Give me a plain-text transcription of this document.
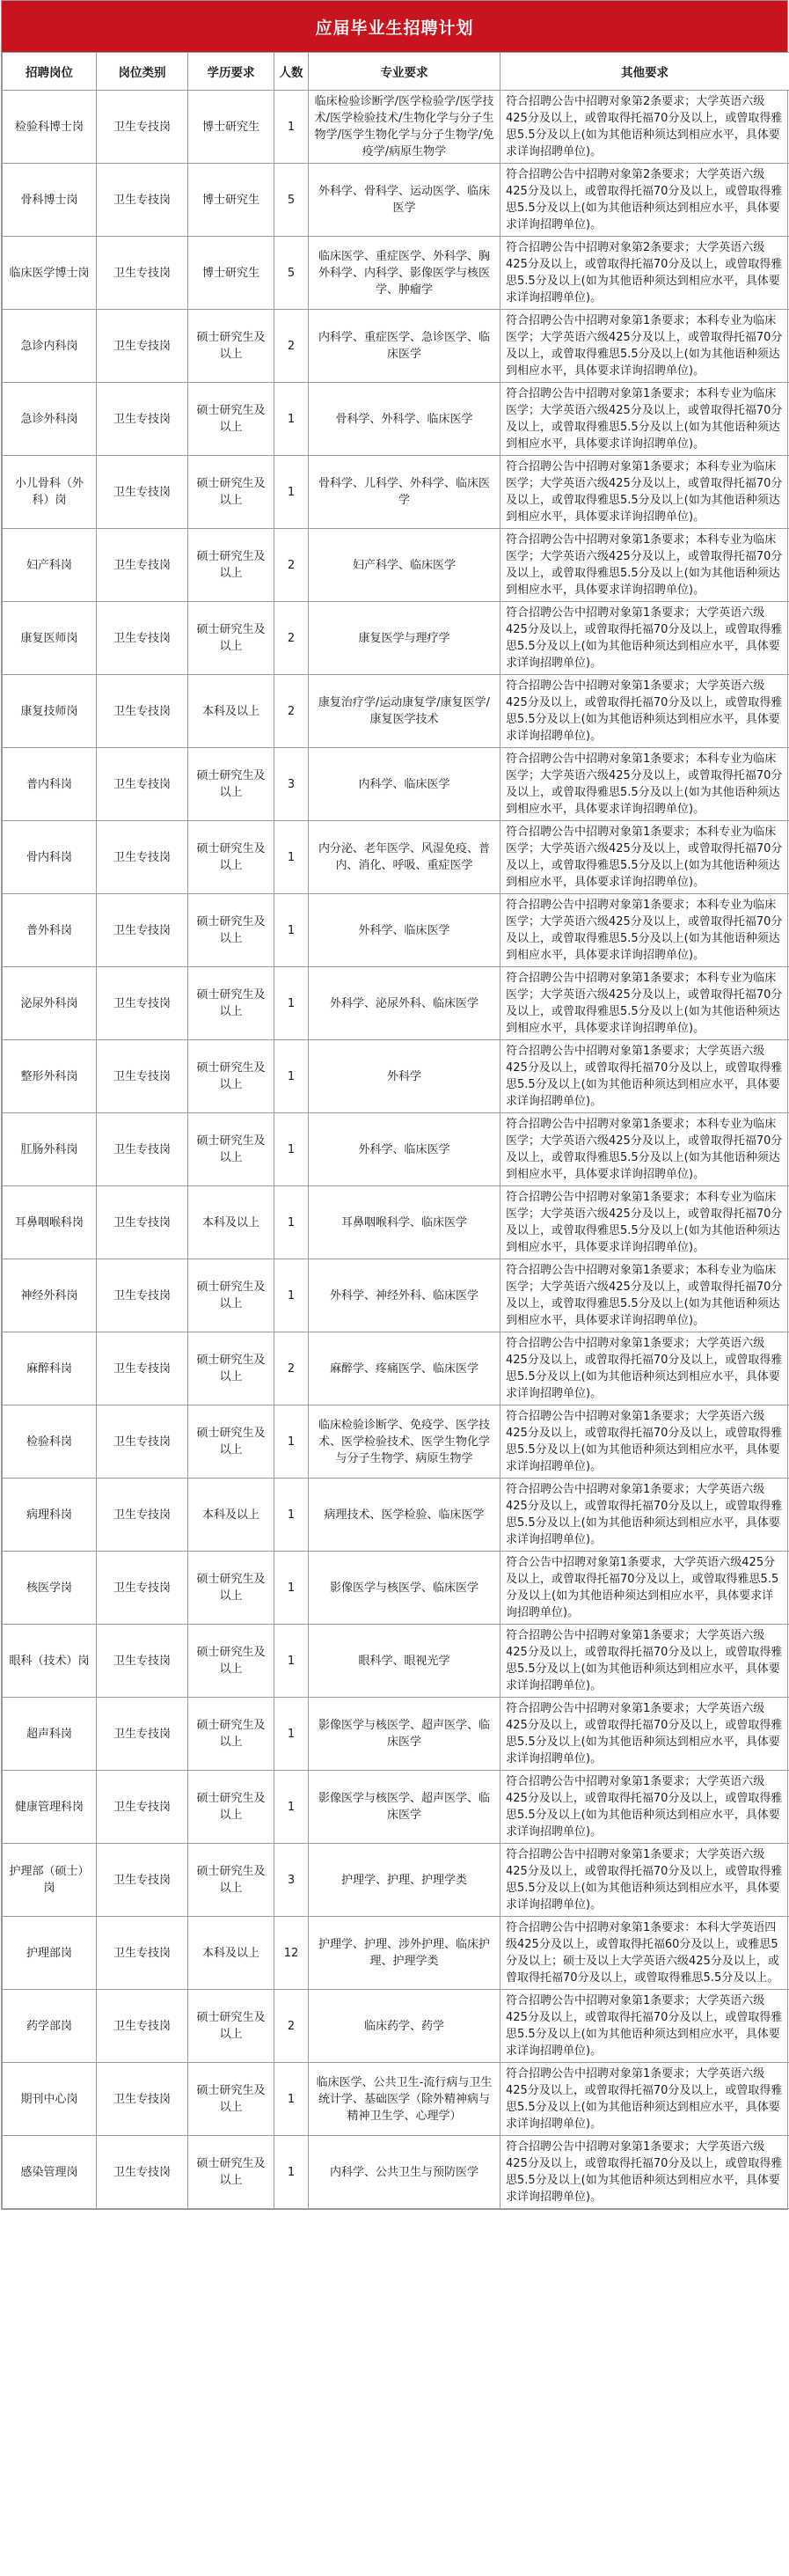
应届毕业生招聘计划
招聘岗位	岗位类别	学历要求	人数	专业要求	其他要求
检验科博士岗	卫生专技岗	博士研究生	1	临床检验诊断学/医学检验学/医学技术/医学检验技术/生物化学与分子生物学/医学生物化学与分子生物学/免疫学/病原生物学	符合招聘公告中招聘对象第2条要求；大学英语六级425分及以上，或曾取得托福70分及以上，或曾取得雅思5.5分及以上(如为其他语种须达到相应水平，具体要求详询招聘单位)。
骨科博士岗	卫生专技岗	博士研究生	5	外科学、骨科学、运动医学、临床医学	符合招聘公告中招聘对象第2条要求；大学英语六级425分及以上，或曾取得托福70分及以上，或曾取得雅思5.5分及以上(如为其他语种须达到相应水平，具体要求详询招聘单位)。
临床医学博士岗	卫生专技岗	博士研究生	5	临床医学、重症医学、外科学、胸外科学、内科学、影像医学与核医学、肿瘤学	符合招聘公告中招聘对象第2条要求；大学英语六级425分及以上，或曾取得托福70分及以上，或曾取得雅思5.5分及以上(如为其他语种须达到相应水平，具体要求详询招聘单位)。
急诊内科岗	卫生专技岗	硕士研究生及以上	2	内科学、重症医学、急诊医学、临床医学	符合招聘公告中招聘对象第1条要求；本科专业为临床医学；大学英语六级425分及以上，或曾取得托福70分及以上，或曾取得雅思5.5分及以上(如为其他语种须达到相应水平，具体要求详询招聘单位)。
急诊外科岗	卫生专技岗	硕士研究生及以上	1	骨科学、外科学、临床医学	符合招聘公告中招聘对象第1条要求；本科专业为临床医学；大学英语六级425分及以上，或曾取得托福70分及以上，或曾取得雅思5.5分及以上(如为其他语种须达到相应水平，具体要求详询招聘单位)。
小儿骨科（外科）岗	卫生专技岗	硕士研究生及以上	1	骨科学、儿科学、外科学、临床医学	符合招聘公告中招聘对象第1条要求；本科专业为临床医学；大学英语六级425分及以上，或曾取得托福70分及以上，或曾取得雅思5.5分及以上(如为其他语种须达到相应水平，具体要求详询招聘单位)。
妇产科岗	卫生专技岗	硕士研究生及以上	2	妇产科学、临床医学	符合招聘公告中招聘对象第1条要求；本科专业为临床医学；大学英语六级425分及以上，或曾取得托福70分及以上，或曾取得雅思5.5分及以上(如为其他语种须达到相应水平，具体要求详询招聘单位)。
康复医师岗	卫生专技岗	硕士研究生及以上	2	康复医学与理疗学	符合招聘公告中招聘对象第1条要求；大学英语六级425分及以上，或曾取得托福70分及以上，或曾取得雅思5.5分及以上(如为其他语种须达到相应水平，具体要求详询招聘单位)。
康复技师岗	卫生专技岗	本科及以上	2	康复治疗学/运动康复学/康复医学/康复医学技术	符合招聘公告中招聘对象第1条要求；大学英语六级425分及以上，或曾取得托福70分及以上，或曾取得雅思5.5分及以上(如为其他语种须达到相应水平，具体要求详询招聘单位)。
普内科岗	卫生专技岗	硕士研究生及以上	3	内科学、临床医学	符合招聘公告中招聘对象第1条要求；本科专业为临床医学；大学英语六级425分及以上，或曾取得托福70分及以上，或曾取得雅思5.5分及以上(如为其他语种须达到相应水平，具体要求详询招聘单位)。
骨内科岗	卫生专技岗	硕士研究生及以上	1	内分泌、老年医学、风湿免疫、普内、消化、呼吸、重症医学	符合招聘公告中招聘对象第1条要求；本科专业为临床医学；大学英语六级425分及以上，或曾取得托福70分及以上，或曾取得雅思5.5分及以上(如为其他语种须达到相应水平，具体要求详询招聘单位)。
普外科岗	卫生专技岗	硕士研究生及以上	1	外科学、临床医学	符合招聘公告中招聘对象第1条要求；本科专业为临床医学；大学英语六级425分及以上，或曾取得托福70分及以上，或曾取得雅思5.5分及以上(如为其他语种须达到相应水平，具体要求详询招聘单位)。
泌尿外科岗	卫生专技岗	硕士研究生及以上	1	外科学、泌尿外科、临床医学	符合招聘公告中招聘对象第1条要求；本科专业为临床医学；大学英语六级425分及以上，或曾取得托福70分及以上，或曾取得雅思5.5分及以上(如为其他语种须达到相应水平，具体要求详询招聘单位)。
整形外科岗	卫生专技岗	硕士研究生及以上	1	外科学	符合招聘公告中招聘对象第1条要求；大学英语六级425分及以上，或曾取得托福70分及以上，或曾取得雅思5.5分及以上(如为其他语种须达到相应水平，具体要求详询招聘单位)。
肛肠外科岗	卫生专技岗	硕士研究生及以上	1	外科学、临床医学	符合招聘公告中招聘对象第1条要求；本科专业为临床医学；大学英语六级425分及以上，或曾取得托福70分及以上，或曾取得雅思5.5分及以上(如为其他语种须达到相应水平，具体要求详询招聘单位)。
耳鼻咽喉科岗	卫生专技岗	本科及以上	1	耳鼻咽喉科学、临床医学	符合招聘公告中招聘对象第1条要求；本科专业为临床医学；大学英语六级425分及以上，或曾取得托福70分及以上，或曾取得雅思5.5分及以上(如为其他语种须达到相应水平，具体要求详询招聘单位)。
神经外科岗	卫生专技岗	硕士研究生及以上	1	外科学、神经外科、临床医学	符合招聘公告中招聘对象第1条要求；本科专业为临床医学；大学英语六级425分及以上，或曾取得托福70分及以上，或曾取得雅思5.5分及以上(如为其他语种须达到相应水平，具体要求详询招聘单位)。
麻醉科岗	卫生专技岗	硕士研究生及以上	2	麻醉学、疼痛医学、临床医学	符合招聘公告中招聘对象第1条要求；大学英语六级425分及以上，或曾取得托福70分及以上，或曾取得雅思5.5分及以上(如为其他语种须达到相应水平，具体要求详询招聘单位)。
检验科岗	卫生专技岗	硕士研究生及以上	1	临床检验诊断学、免疫学、医学技术、医学检验技术、医学生物化学与分子生物学、病原生物学	符合招聘公告中招聘对象第1条要求；大学英语六级425分及以上，或曾取得托福70分及以上，或曾取得雅思5.5分及以上(如为其他语种须达到相应水平，具体要求详询招聘单位)。
病理科岗	卫生专技岗	本科及以上	1	病理技术、医学检验、临床医学	符合招聘公告中招聘对象第1条要求；大学英语六级425分及以上，或曾取得托福70分及以上，或曾取得雅思5.5分及以上(如为其他语种须达到相应水平，具体要求详询招聘单位)。
核医学岗	卫生专技岗	硕士研究生及以上	1	影像医学与核医学、临床医学	符合公告中招聘对象第1条要求，大学英语六级425分及以上，或曾取得托福70分及以上，或曾取得雅思5.5分及以上(如为其他语种须达到相应水平，具体要求详询招聘单位)。
眼科（技术）岗	卫生专技岗	硕士研究生及以上	1	眼科学、眼视光学	符合招聘公告中招聘对象第1条要求；大学英语六级425分及以上，或曾取得托福70分及以上，或曾取得雅思5.5分及以上(如为其他语种须达到相应水平，具体要求详询招聘单位)。
超声科岗	卫生专技岗	硕士研究生及以上	1	影像医学与核医学、超声医学、临床医学	符合招聘公告中招聘对象第1条要求；大学英语六级425分及以上，或曾取得托福70分及以上，或曾取得雅思5.5分及以上(如为其他语种须达到相应水平，具体要求详询招聘单位)。
健康管理科岗	卫生专技岗	硕士研究生及以上	1	影像医学与核医学、超声医学、临床医学	符合招聘公告中招聘对象第1条要求；大学英语六级425分及以上，或曾取得托福70分及以上，或曾取得雅思5.5分及以上(如为其他语种须达到相应水平，具体要求详询招聘单位)。
护理部（硕士）岗	卫生专技岗	硕士研究生及以上	3	护理学、护理、护理学类	符合招聘公告中招聘对象第1条要求；大学英语六级425分及以上，或曾取得托福70分及以上，或曾取得雅思5.5分及以上(如为其他语种须达到相应水平，具体要求详询招聘单位)。
护理部岗	卫生专技岗	本科及以上	12	护理学、护理、涉外护理、临床护理、护理学类	符合招聘公告中招聘对象第1条要求：本科大学英语四级425分及以上，或曾取得托福60分及以上，或雅思5分及以上；硕士及以上大学英语六级425分及以上，或曾取得托福70分及以上，或曾取得雅思5.5分及以上。
药学部岗	卫生专技岗	硕士研究生及以上	2	临床药学、药学	符合招聘公告中招聘对象第1条要求；大学英语六级425分及以上，或曾取得托福70分及以上，或曾取得雅思5.5分及以上(如为其他语种须达到相应水平，具体要求详询招聘单位)。
期刊中心岗	卫生专技岗	硕士研究生及以上	1	临床医学、公共卫生-流行病与卫生统计学、基础医学（除外精神病与精神卫生学、心理学）	符合招聘公告中招聘对象第1条要求；大学英语六级425分及以上，或曾取得托福70分及以上，或曾取得雅思5.5分及以上(如为其他语种须达到相应水平，具体要求详询招聘单位)。
感染管理岗	卫生专技岗	硕士研究生及以上	1	内科学、公共卫生与预防医学	符合招聘公告中招聘对象第1条要求；大学英语六级425分及以上，或曾取得托福70分及以上，或曾取得雅思5.5分及以上(如为其他语种须达到相应水平，具体要求详询招聘单位)。
